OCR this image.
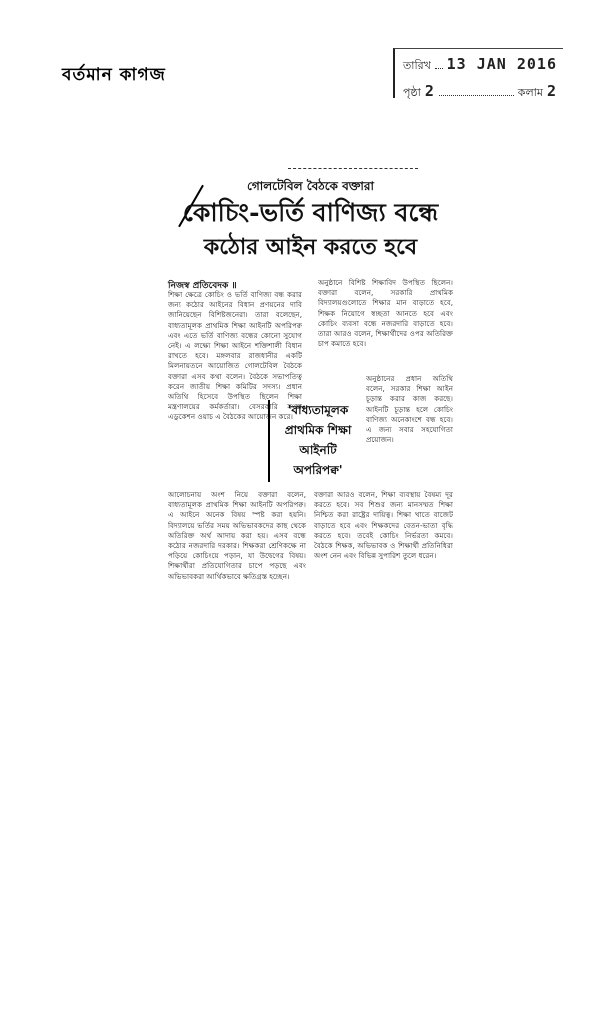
বর্তমান কাগজ	তারিখ 13 JAN 2016
পৃষ্ঠা 2	কলাম 2
গোলটেবিল বৈঠকে বক্তারা
কোচিং-ভর্তি বাণিজ্য বন্ধে
কঠোর আইন করতে হবে
নিজস্ব প্রতিবেদক ॥

শিক্ষা ক্ষেত্রে কোচিং ও ভর্তি বাণিজ্য বন্ধ করার জন্য কঠোর আইনের বিধান প্রণয়নের দাবি জানিয়েছেন বিশিষ্টজনেরা। তারা বলেছেন, বাধ্যতামূলক প্রাথমিক শিক্ষা আইনটি অপরিপক্ব এবং এতে ভর্তি বাণিজ্য বন্ধের কোনো সুযোগ নেই। এ লক্ষ্যে শিক্ষা আইনে শক্তিশালী বিধান রাখতে হবে। মঙ্গলবার রাজধানীর একটি মিলনায়তনে আয়োজিত গোলটেবিল বৈঠকে বক্তারা এসব কথা বলেন। বৈঠকে সভাপতিত্ব করেন জাতীয় শিক্ষা কমিটির সদস্য। প্রধান অতিথি হিসেবে উপস্থিত ছিলেন শিক্ষা মন্ত্রণালয়ের কর্মকর্তারা। বেসরকারি সংস্থা এডুকেশন ওয়াচ এ বৈঠকের আয়োজন করে।

অনুষ্ঠানে বিশিষ্ট শিক্ষাবিদ উপস্থিত ছিলেন। বক্তারা বলেন, সরকারি প্রাথমিক বিদ্যালয়গুলোতে শিক্ষার মান বাড়াতে হবে, শিক্ষক নিয়োগে স্বচ্ছতা আনতে হবে এবং কোচিং ব্যবসা বন্ধে নজরদারি বাড়াতে হবে। তারা আরও বলেন, শিক্ষার্থীদের ওপর অতিরিক্ত চাপ কমাতে হবে।

অনুষ্ঠানের প্রধান অতিথি বলেন, সরকার শিক্ষা আইন চূড়ান্ত করার কাজ করছে। আইনটি চূড়ান্ত হলে কোচিং বাণিজ্য অনেকাংশে বন্ধ হবে। এ জন্য সবার সহযোগিতা প্রয়োজন।

'বাধ্যতামূলক
প্রাথমিক শিক্ষা
আইনটি
অপরিপক্ব'

আলোচনায় অংশ নিয়ে বক্তারা বলেন, বাধ্যতামূলক প্রাথমিক শিক্ষা আইনটি অপরিপক্ব। এ আইনে অনেক বিষয় স্পষ্ট করা হয়নি। বিদ্যালয়ে ভর্তির সময় অভিভাবকদের কাছ থেকে অতিরিক্ত অর্থ আদায় করা হয়। এসব বন্ধে কঠোর নজরদারি দরকার। শিক্ষকরা শ্রেণিকক্ষে না পড়িয়ে কোচিংয়ে পড়ান, যা উদ্বেগের বিষয়। শিক্ষার্থীরা প্রতিযোগিতার চাপে পড়ছে এবং অভিভাবকরা আর্থিকভাবে ক্ষতিগ্রস্ত হচ্ছেন।

বক্তারা আরও বলেন, শিক্ষা ব্যবস্থায় বৈষম্য দূর করতে হবে। সব শিশুর জন্য মানসম্মত শিক্ষা নিশ্চিত করা রাষ্ট্রের দায়িত্ব। শিক্ষা খাতে বাজেট বাড়াতে হবে এবং শিক্ষকদের বেতন-ভাতা বৃদ্ধি করতে হবে। তবেই কোচিং নির্ভরতা কমবে। বৈঠকে শিক্ষক, অভিভাবক ও শিক্ষার্থী প্রতিনিধিরা অংশ নেন এবং বিভিন্ন সুপারিশ তুলে ধরেন।
